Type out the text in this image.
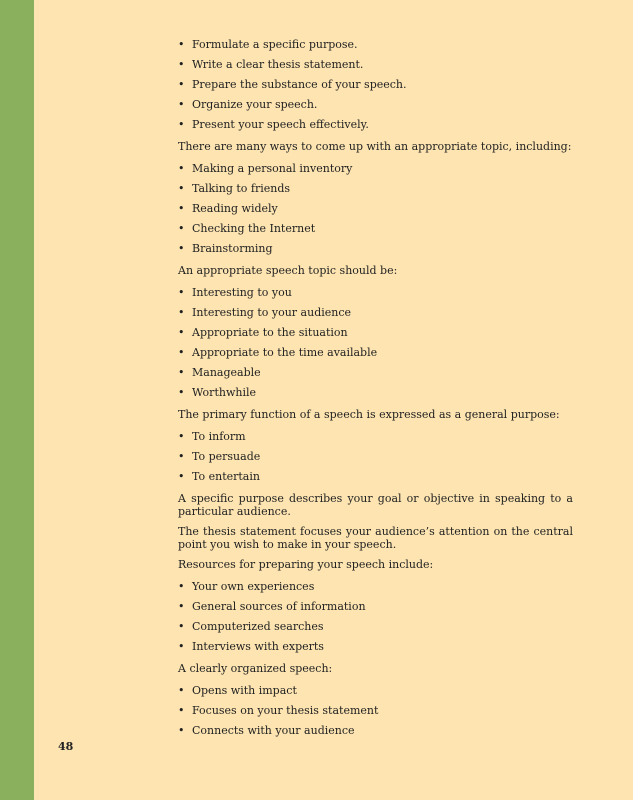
48
• Formulate a specific purpose.
• Write a clear thesis statement.
• Prepare the substance of your speech.
• Organize your speech.
• Present your speech effectively.

There are many ways to come up with an appropriate topic, including:

• Making a personal inventory
• Talking to friends
• Reading widely
• Checking the Internet
• Brainstorming

An appropriate speech topic should be:

• Interesting to you
• Interesting to your audience
• Appropriate to the situation
• Appropriate to the time available
• Manageable
• Worthwhile

The primary function of a speech is expressed as a general purpose:

• To inform
• To persuade
• To entertain

A specific purpose describes your goal or objective in speaking to a particular audience.

The thesis statement focuses your audience’s attention on the central point you wish to make in your speech.

Resources for preparing your speech include:

• Your own experiences
• General sources of information
• Computerized searches
• Interviews with experts

A clearly organized speech:

• Opens with impact
• Focuses on your thesis statement
• Connects with your audience
